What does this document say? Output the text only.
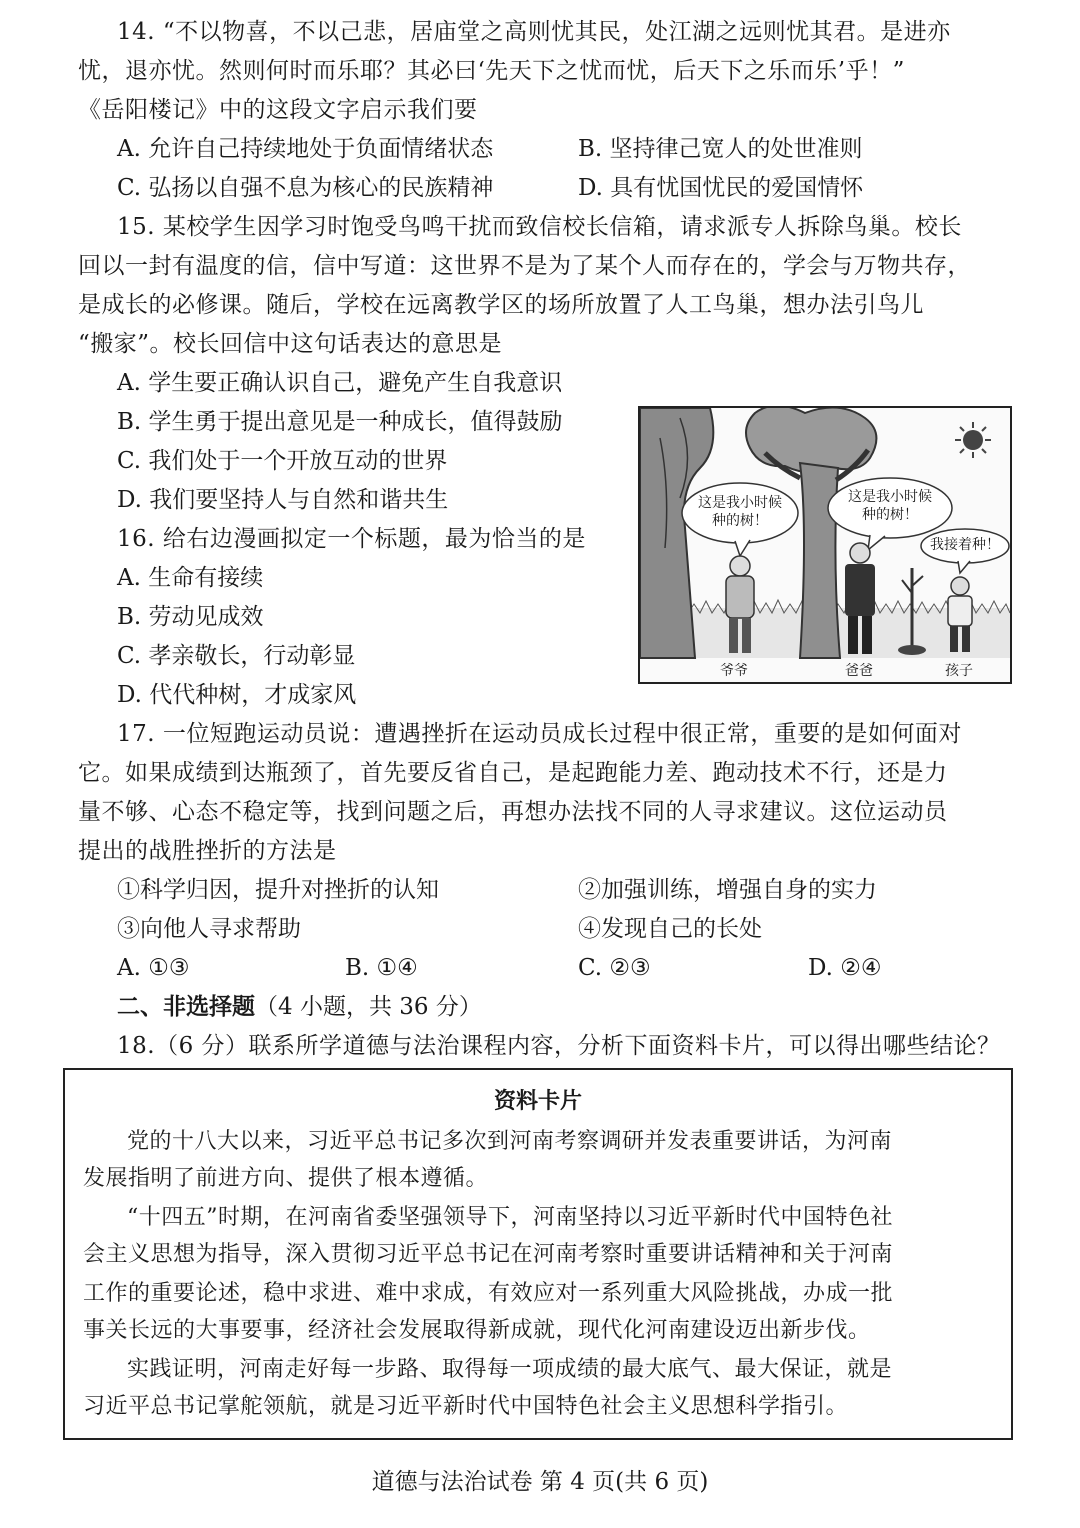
14. “不以物喜，不以己悲，居庙堂之高则忧其民，处江湖之远则忧其君。是进亦
忧，退亦忧。然则何时而乐耶？其必曰‘先天下之忧而忧，后天下之乐而乐’乎！”
《岳阳楼记》中的这段文字启示我们要
A. 允许自己持续地处于负面情绪状态	B. 坚持律己宽人的处世准则
C. 弘扬以自强不息为核心的民族精神	D. 具有忧国忧民的爱国情怀
15. 某校学生因学习时饱受鸟鸣干扰而致信校长信箱，请求派专人拆除鸟巢。校长
回以一封有温度的信，信中写道：这世界不是为了某个人而存在的，学会与万物共存，
是成长的必修课。随后，学校在远离教学区的场所放置了人工鸟巢，想办法引鸟儿
“搬家”。校长回信中这句话表达的意思是
A. 学生要正确认识自己，避免产生自我意识
B. 学生勇于提出意见是一种成长，值得鼓励
C. 我们处于一个开放互动的世界
D. 我们要坚持人与自然和谐共生
16. 给右边漫画拟定一个标题，最为恰当的是
A. 生命有接续
B. 劳动见成效
C. 孝亲敬长，行动彰显
D. 代代种树，才成家风
这是我小时候
种的树！
这是我小时候
种的树！
我接着种！
爷爷	爸爸	孩子
17. 一位短跑运动员说：遭遇挫折在运动员成长过程中很正常，重要的是如何面对
它。如果成绩到达瓶颈了，首先要反省自己，是起跑能力差、跑动技术不行，还是力
量不够、心态不稳定等，找到问题之后，再想办法找不同的人寻求建议。这位运动员
提出的战胜挫折的方法是
①科学归因，提升对挫折的认知	②加强训练，增强自身的实力
③向他人寻求帮助	④发现自己的长处
A. ①③	B. ①④	C. ②③	D. ②④
二、非选择题（4 小题，共 36 分）
18.（6 分）联系所学道德与法治课程内容，分析下面资料卡片，可以得出哪些结论？
资料卡片
党的十八大以来，习近平总书记多次到河南考察调研并发表重要讲话，为河南
发展指明了前进方向、提供了根本遵循。
“十四五”时期，在河南省委坚强领导下，河南坚持以习近平新时代中国特色社
会主义思想为指导，深入贯彻习近平总书记在河南考察时重要讲话精神和关于河南
工作的重要论述，稳中求进、难中求成，有效应对一系列重大风险挑战，办成一批
事关长远的大事要事，经济社会发展取得新成就，现代化河南建设迈出新步伐。
实践证明，河南走好每一步路、取得每一项成绩的最大底气、最大保证，就是
习近平总书记掌舵领航，就是习近平新时代中国特色社会主义思想科学指引。
道德与法治试卷 第 4 页(共 6 页)
